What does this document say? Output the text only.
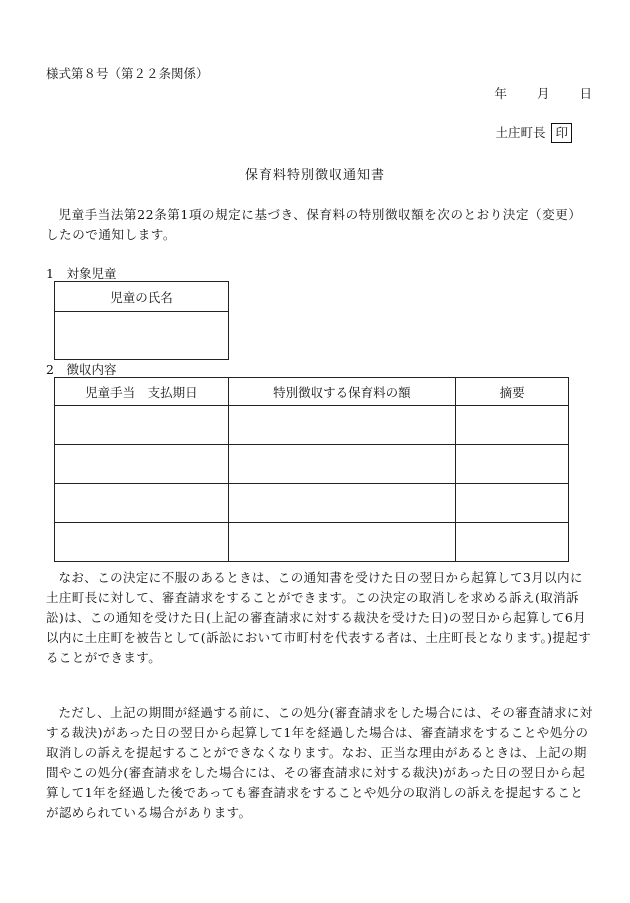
様式第８号（第２２条関係）
年 月 日
土庄町長 印
保育料特別徴収通知書
児童手当法第22条第1項の規定に基づき、保育料の特別徴収額を次のとおり決定（変更）したので通知します。
1　対象児童
児童の氏名

2　徴収内容
児童手当　支払期日	特別徴収する保育料の額	摘要

なお、この決定に不服のあるときは、この通知書を受けた日の翌日から起算して3月以内に土庄町長に対して、審査請求をすることができます。この決定の取消しを求める訴え(取消訴訟)は、この通知を受けた日(上記の審査請求に対する裁決を受けた日)の翌日から起算して6月以内に土庄町を被告として(訴訟において市町村を代表する者は、土庄町長となります。)提起することができます。
ただし、上記の期間が経過する前に、この処分(審査請求をした場合には、その審査請求に対する裁決)があった日の翌日から起算して1年を経過した場合は、審査請求をすることや処分の取消しの訴えを提起することができなくなります。なお、正当な理由があるときは、上記の期間やこの処分(審査請求をした場合には、その審査請求に対する裁決)があった日の翌日から起算して1年を経過した後であっても審査請求をすることや処分の取消しの訴えを提起することが認められている場合があります。
